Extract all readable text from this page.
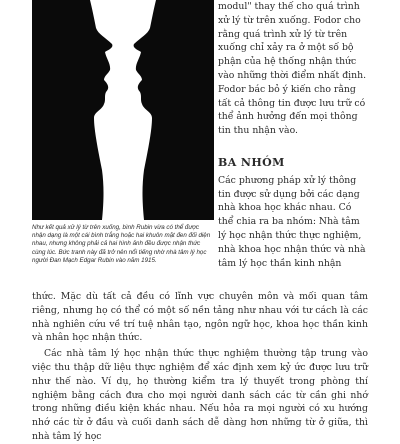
Như kết quả xử lý từ trên xuống, bình Rubin vừa có thể được nhận dạng là một cái bình trắng hoặc hai khuôn mặt đen đối diện nhau, nhưng không phải cả hai hình ảnh đều được nhận thức cùng lúc. Bức tranh này đã trở nên nổi tiếng nhờ nhà tâm lý học người Đan Mạch Edgar Rubin vào năm 1915.

modul" thay thế cho quá trình xử lý từ trên xuống. Fodor cho rằng quá trình xử lý từ trên xuống chỉ xảy ra ở một số bộ phận của hệ thống nhận thức vào những thời điểm nhất định. Fodor bác bỏ ý kiến cho rằng tất cả thông tin được lưu trữ có thể ảnh hưởng đến mọi thông tin thu nhận vào.

BA NHÓM

Các phương pháp xử lý thông tin được sử dụng bởi các dạng nhà khoa học khác nhau. Có thể chia ra ba nhóm: Nhà tâm lý học nhận thức thực nghiệm, nhà khoa học nhận thức và nhà tâm lý học thần kinh nhận

thức. Mặc dù tất cả đều có lĩnh vực chuyên môn và mối quan tâm riêng, nhưng họ có thể có một số nền tảng như nhau với tư cách là các nhà nghiên cứu về trí tuệ nhân tạo, ngôn ngữ học, khoa học thần kinh và nhân học nhận thức.

Các nhà tâm lý học nhận thức thực nghiệm thường tập trung vào việc thu thập dữ liệu thực nghiệm để xác định xem kỷ ức được lưu trữ như thế nào. Ví dụ, họ thường kiểm tra lý thuyết trong phòng thí nghiệm bằng cách đưa cho mọi người danh sách các từ cần ghi nhớ trong những điều kiện khác nhau. Nếu hỏa ra mọi người có xu hướng nhớ các từ ở đầu và cuối danh sách dễ dàng hơn những từ ở giữa, thì nhà tâm lý học
